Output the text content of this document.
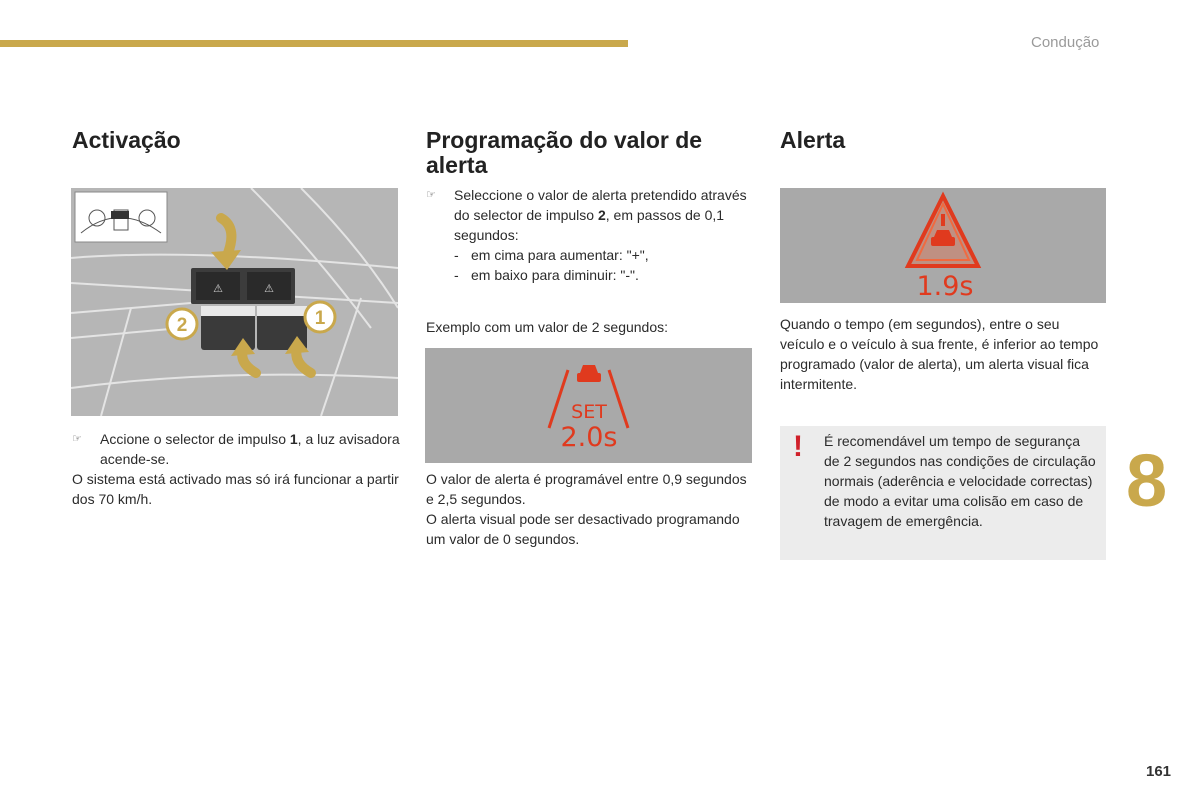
Condução
Activação
⚠	⚠
2	1
☞ Accione o selector de impulso 1, a luz avisadora acende-se.

O sistema está activado mas só irá funcionar a partir dos 70 km/h.

Programação do valor de alerta
☞ Seleccione o valor de alerta pretendido através do selector de impulso 2, em passos de 0,1 segundos:
- em cima para aumentar: "+",
- em baixo para diminuir: "-".

Exemplo com um valor de 2 segundos:

SET
2.0s

O valor de alerta é programável entre 0,9 segundos e 2,5 segundos.

O alerta visual pode ser desactivado programando um valor de 0 segundos.

Alerta
1.9s

Quando o tempo (em segundos), entre o seu veículo e o veículo à sua frente, é inferior ao tempo programado (valor de alerta), um alerta visual fica intermitente.

! É recomendável um tempo de segurança de 2 segundos nas condições de circulação normais (aderência e velocidade correctas) de modo a evitar uma colisão em caso de travagem de emergência.	8
161
